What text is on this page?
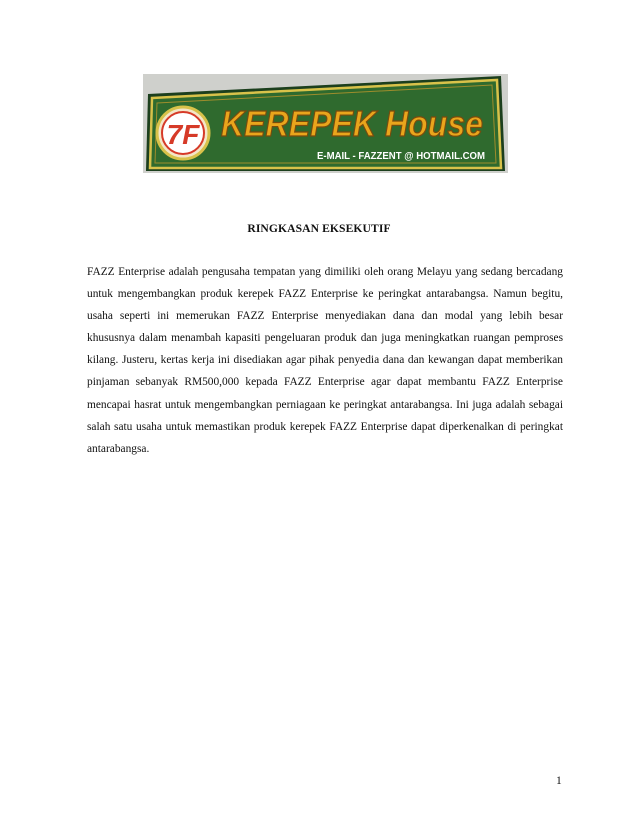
7F KEREPEK House
E-MAIL - FAZZENT @ HOTMAIL.COM
RINGKASAN EKSEKUTIF

FAZZ Enterprise adalah pengusaha tempatan yang dimiliki oleh orang Melayu yang sedang bercadang untuk mengembangkan produk kerepek FAZZ Enterprise ke peringkat antarabangsa. Namun begitu, usaha seperti ini memerukan FAZZ Enterprise menyediakan dana dan modal yang lebih besar khususnya dalam menambah kapasiti pengeluaran produk dan juga meningkatkan ruangan pemproses kilang. Justeru, kertas kerja ini disediakan agar pihak penyedia dana dan kewangan dapat memberikan pinjaman sebanyak RM500,000 kepada FAZZ Enterprise agar dapat membantu FAZZ Enterprise mencapai hasrat untuk mengembangkan perniagaan ke peringkat antarabangsa. Ini juga adalah sebagai salah satu usaha untuk memastikan produk kerepek FAZZ Enterprise dapat diperkenalkan di peringkat antarabangsa.

1
